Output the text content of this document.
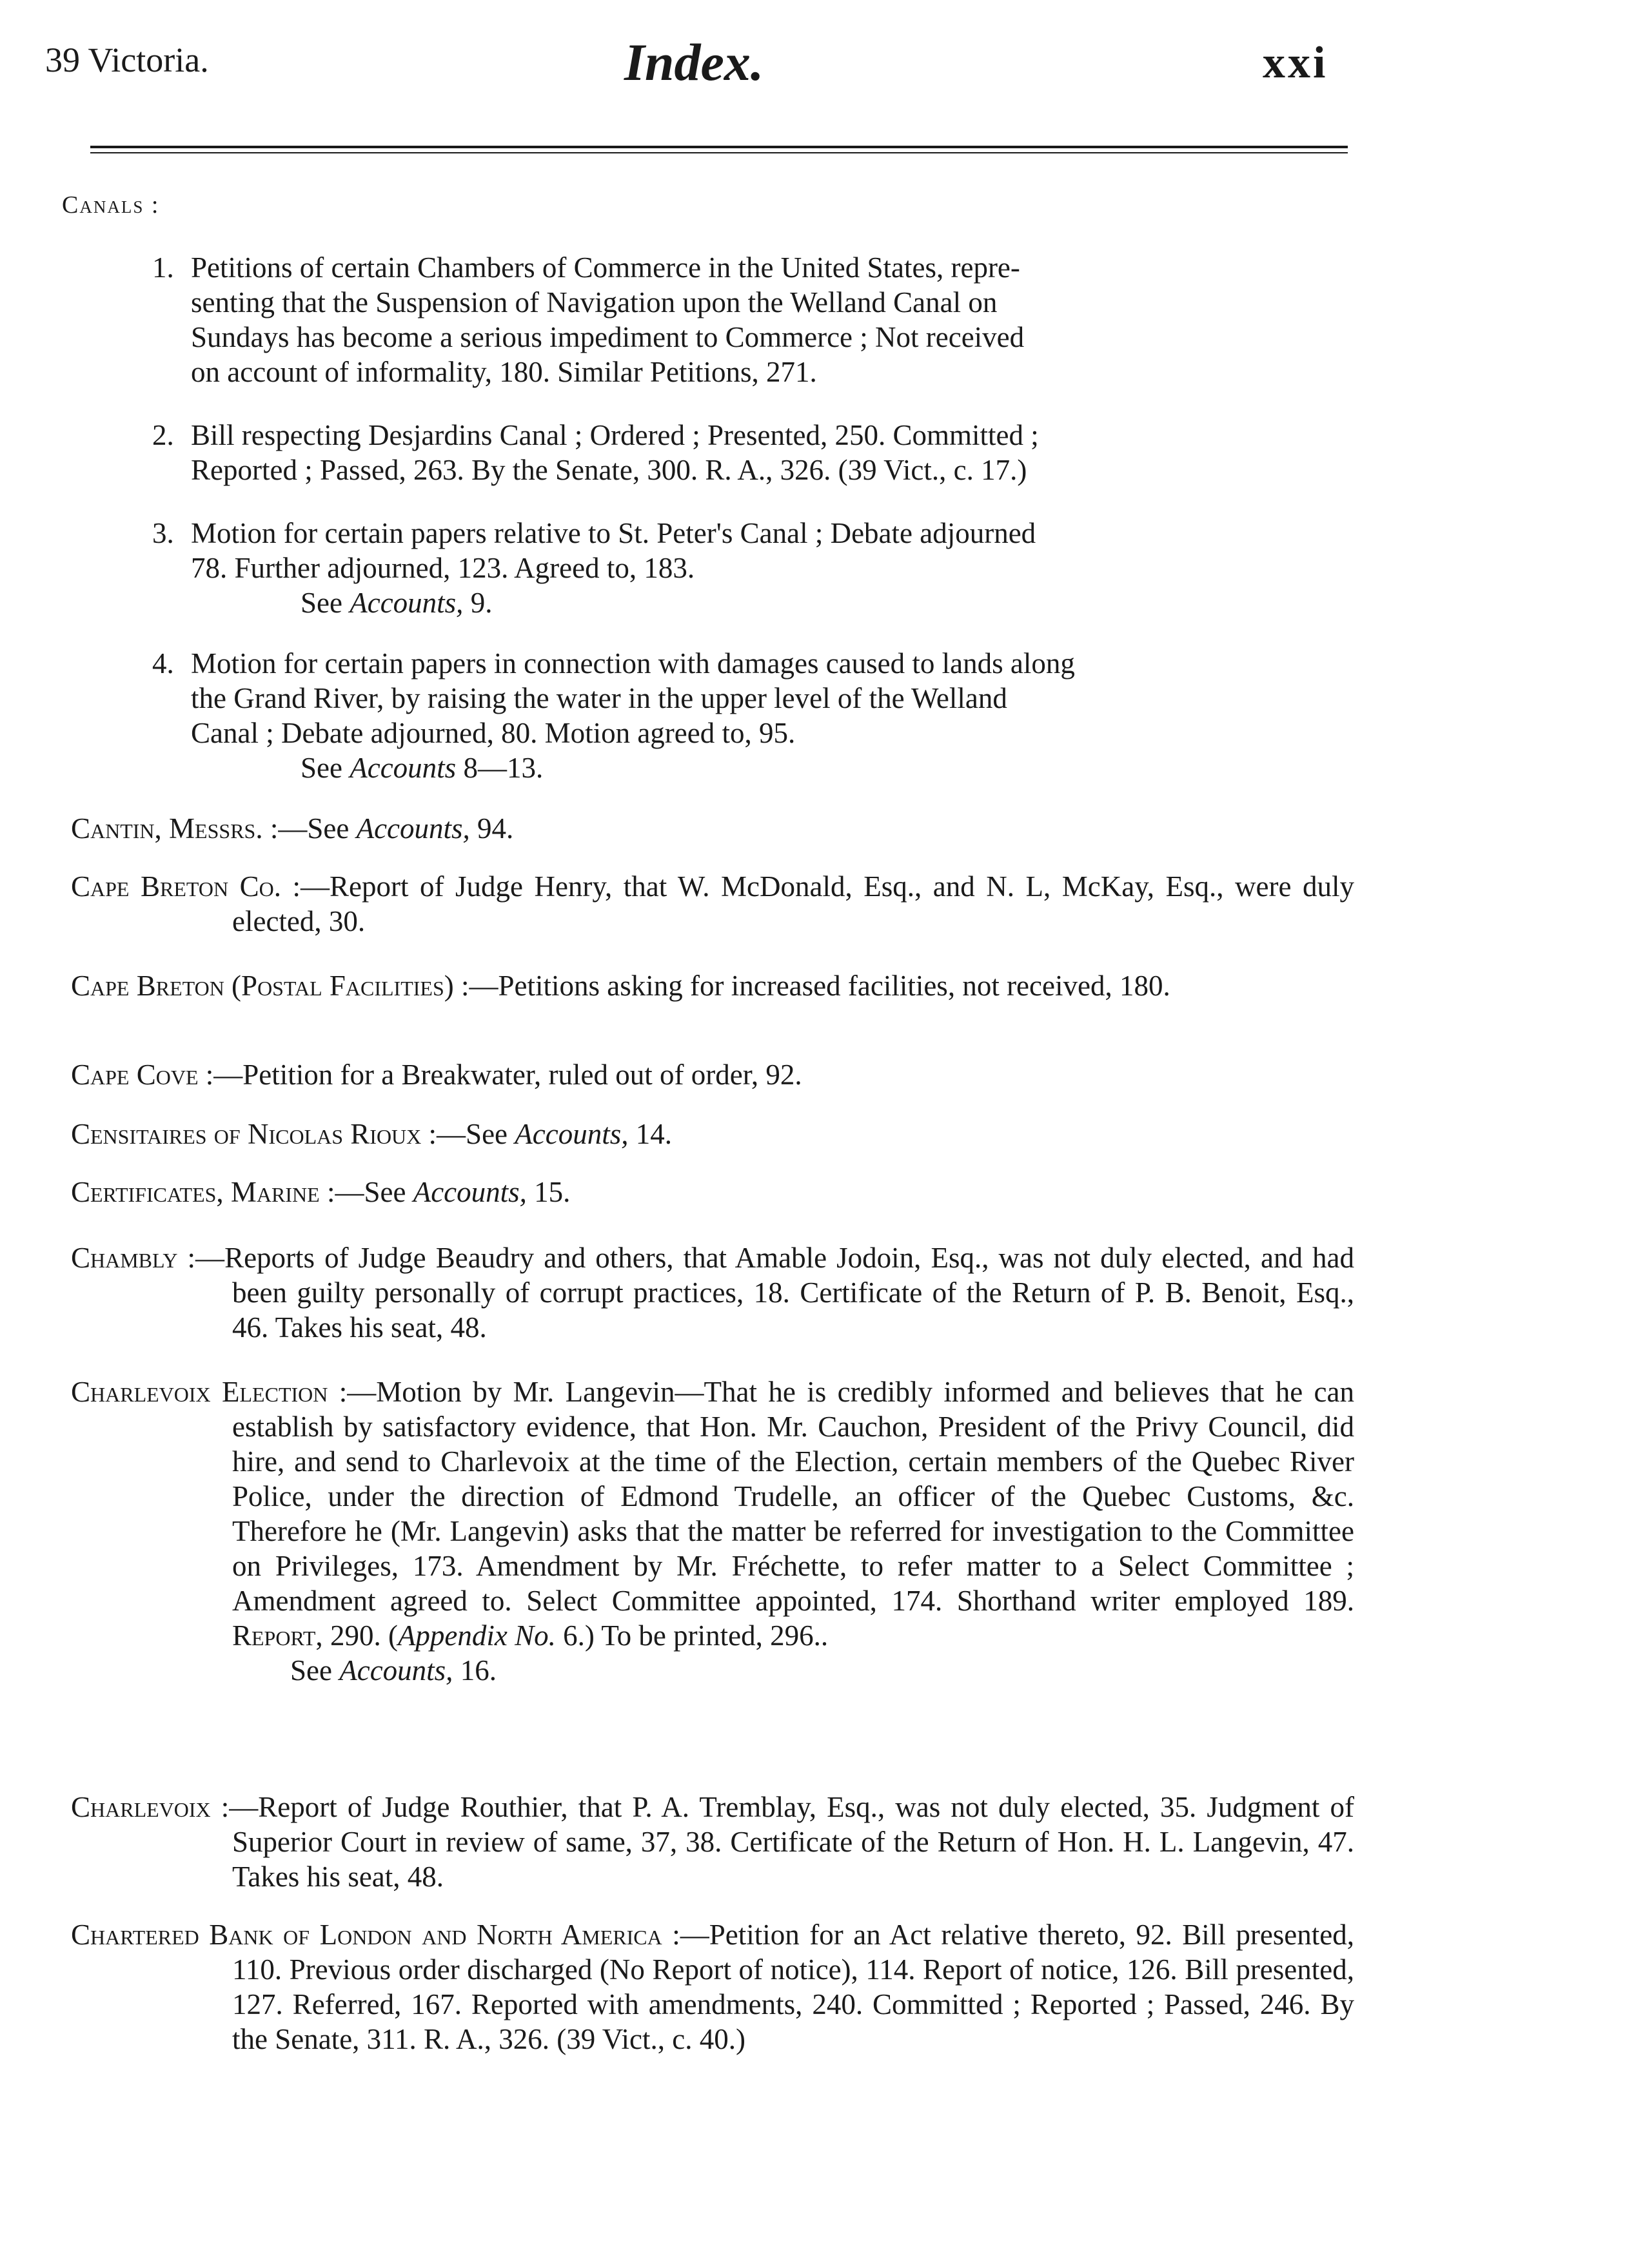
39 Victoria.	Index.	xxi
Canals :
1. Petitions of certain Chambers of Commerce in the United States, repre-
senting that the Suspension of Navigation upon the Welland Canal on
Sundays has become a serious impediment to Commerce ; Not received
on account of informality, 180. Similar Petitions, 271.
2. Bill respecting Desjardins Canal ; Ordered ; Presented, 250. Committed ;
Reported ; Passed, 263. By the Senate, 300. R. A., 326. (39 Vict., c. 17.)
3. Motion for certain papers relative to St. Peter's Canal ; Debate adjourned
78. Further adjourned, 123. Agreed to, 183.
See Accounts, 9.
4. Motion for certain papers in connection with damages caused to lands along
the Grand River, by raising the water in the upper level of the Welland
Canal ; Debate adjourned, 80. Motion agreed to, 95.
See Accounts 8—13.
Cantin, Messrs. :—See Accounts, 94.
Cape Breton Co. :—Report of Judge Henry, that W. McDonald, Esq., and N. L, McKay, Esq., were duly elected, 30.
Cape Breton (Postal Facilities) :—Petitions asking for increased facilities, not received, 180.
Cape Cove :—Petition for a Breakwater, ruled out of order, 92.
Censitaires of Nicolas Rioux :—See Accounts, 14.
Certificates, Marine :—See Accounts, 15.
Chambly :—Reports of Judge Beaudry and others, that Amable Jodoin, Esq., was not duly elected, and had been guilty personally of corrupt practices, 18. Certificate of the Return of P. B. Benoit, Esq., 46. Takes his seat, 48.
Charlevoix Election :—Motion by Mr. Langevin—That he is credibly informed and believes that he can establish by satisfactory evidence, that Hon. Mr. Cauchon, President of the Privy Council, did hire, and send to Charlevoix at the time of the Election, certain members of the Quebec River Police, under the direction of Edmond Trudelle, an officer of the Quebec Customs, &c. Therefore he (Mr. Langevin) asks that the matter be referred for investigation to the Committee on Privileges, 173. Amendment by Mr. Fréchette, to refer matter to a Select Committee ; Amendment agreed to. Select Committee appointed, 174. Shorthand writer employed 189. Report, 290. (Appendix No. 6.) To be printed, 296..
See Accounts, 16.
Charlevoix :—Report of Judge Routhier, that P. A. Tremblay, Esq., was not duly elected, 35. Judgment of Superior Court in review of same, 37, 38. Certificate of the Return of Hon. H. L. Langevin, 47. Takes his seat, 48.
Chartered Bank of London and North America :—Petition for an Act relative thereto, 92. Bill presented, 110. Previous order discharged (No Report of notice), 114. Report of notice, 126. Bill presented, 127. Referred, 167. Reported with amendments, 240. Committed ; Reported ; Passed, 246. By the Senate, 311. R. A., 326. (39 Vict., c. 40.)
